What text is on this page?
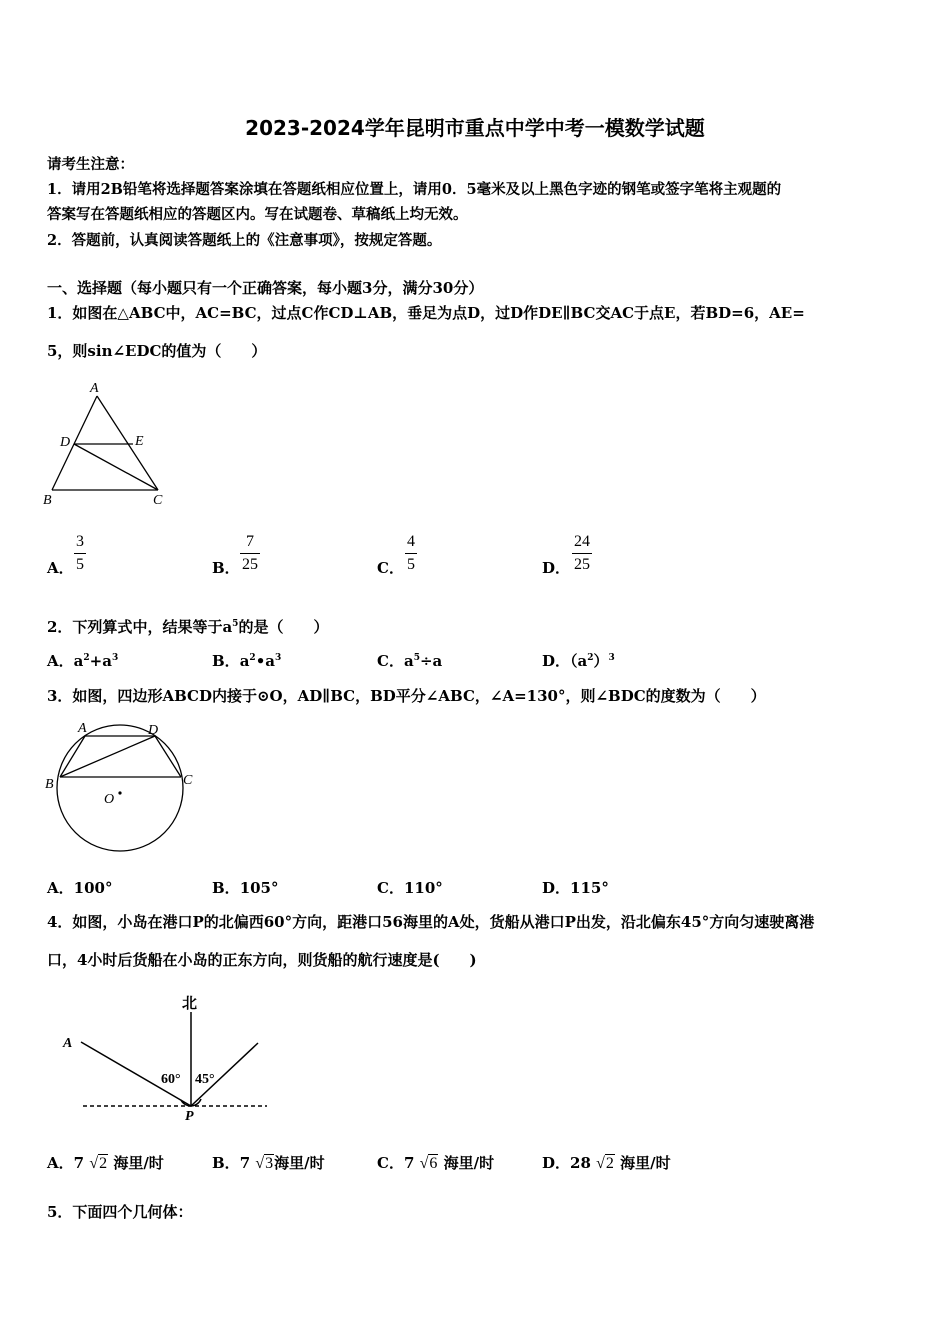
2023-2024学年昆明市重点中学中考一模数学试题
请考生注意：
1．请用2B铅笔将选择题答案涂填在答题纸相应位置上，请用0．5毫米及以上黑色字迹的钢笔或签字笔将主观题的
答案写在答题纸相应的答题区内。写在试题卷、草稿纸上均无效。
2．答题前，认真阅读答题纸上的《注意事项》，按规定答题。
一、选择题（每小题只有一个正确答案，每小题3分，满分30分）
1．如图在△ABC中，AC=BC，过点C作CD⊥AB，垂足为点D，过D作DE∥BC交AC于点E，若BD=6，AE=
5，则sin∠EDC的值为（　　）
A
D	E
B	C
A． $\frac{3}{5}$	B． $\frac{7}{25}$	C． $\frac{4}{5}$	D． $\frac{24}{25}$
2．下列算式中，结果等于$a^5$的是（　　）
A．$a^2+a^3$	B．$a^2•a^3$	C．$a^5\div a$	D．$(a^2)^3$
3．如图，四边形ABCD内接于⊙O，AD∥BC，BD平分∠ABC，∠A=130°，则∠BDC的度数为（　　）
A	D
B	C
O
A．100°	B．105°	C．110°	D．115°
4．如图，小岛在港口P的北偏西60°方向，距港口56海里的A处，货船从港口P出发，沿北偏东45°方向匀速驶离港
口，4小时后货船在小岛的正东方向，则货船的航行速度是(　　)
北
A
P
60° 45°
A．7 √2 海里/时	B．7 √3海里/时	C．7 √6 海里/时	D．28 √2 海里/时
5．下面四个几何体：
